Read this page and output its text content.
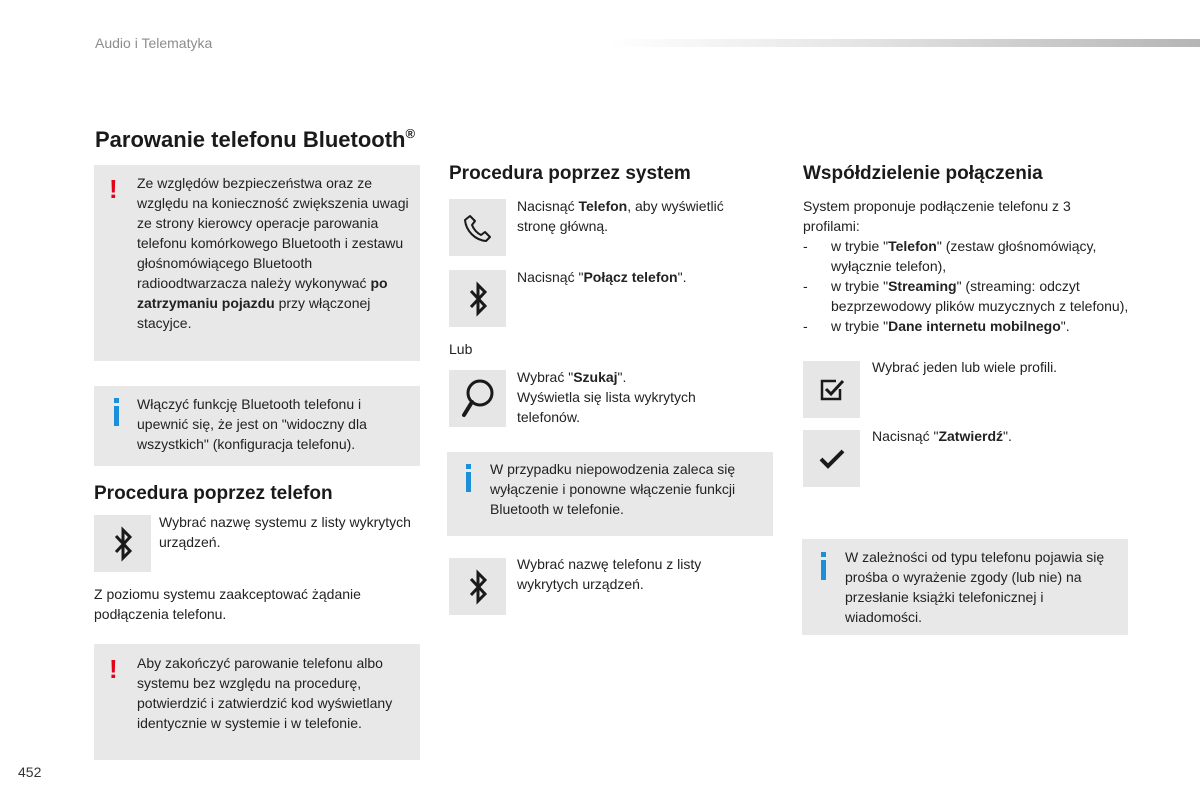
Audio i Telematyka
Parowanie telefonu Bluetooth®
! Ze względów bezpieczeństwa oraz ze względu na konieczność zwiększenia uwagi ze strony kierowcy operacje parowania telefonu komórkowego Bluetooth i zestawu głośnomówiącego Bluetooth radioodtwarzacza należy wykonywać po zatrzymaniu pojazdu przy włączonej stacyjce.
Włączyć funkcję Bluetooth telefonu i upewnić się, że jest on "widoczny dla wszystkich" (konfiguracja telefonu).
Procedura poprzez telefon
Wybrać nazwę systemu z listy wykrytych urządzeń.
Z poziomu systemu zaakceptować żądanie podłączenia telefonu.
! Aby zakończyć parowanie telefonu albo systemu bez względu na procedurę, potwierdzić i zatwierdzić kod wyświetlany identycznie w systemie i w telefonie.
Procedura poprzez system
Nacisnąć Telefon, aby wyświetlić stronę główną.
Nacisnąć "Połącz telefon".
Lub
Wybrać "Szukaj".
Wyświetla się lista wykrytych telefonów.
W przypadku niepowodzenia zaleca się wyłączenie i ponowne włączenie funkcji Bluetooth w telefonie.
Wybrać nazwę telefonu z listy wykrytych urządzeń.
Współdzielenie połączenia
System proponuje podłączenie telefonu z 3 profilami:
-	w trybie "Telefon" (zestaw głośnomówiący, wyłącznie telefon),
-	w trybie "Streaming" (streaming: odczyt bezprzewodowy plików muzycznych z telefonu),
-	w trybie "Dane internetu mobilnego".
Wybrać jeden lub wiele profili.
Nacisnąć "Zatwierdź".
W zależności od typu telefonu pojawia się prośba o wyrażenie zgody (lub nie) na przesłanie książki telefonicznej i wiadomości.
452
